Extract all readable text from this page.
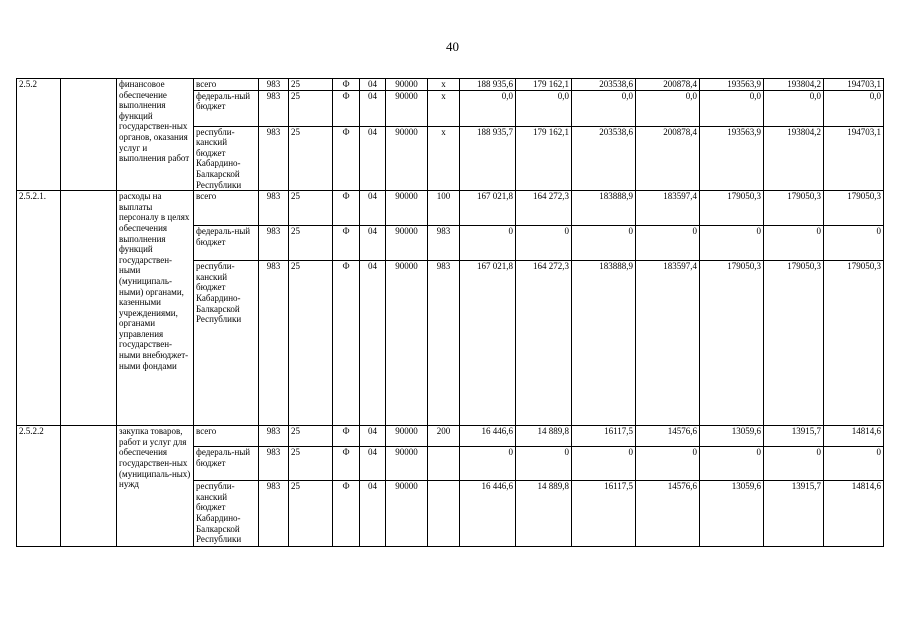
40
2.5.2		финансовое обеспечение выполнения функций государствен-ных органов, оказания услуг и выполнения работ	всего	983	25	Ф	04	90000	х	188 935,6	179 162,1	203538,6	200878,4	193563,9	193804,2	194703,1
			федераль-ный бюджет	983	25	Ф	04	90000	х	0,0	0,0	0,0	0,0	0,0	0,0	0,0
			республи-канский бюджет Кабардино-Балкарской Республики	983	25	Ф	04	90000	х	188 935,7	179 162,1	203538,6	200878,4	193563,9	193804,2	194703,1
2.5.2.1.		расходы на выплаты персоналу в целях обеспечения выполнения функций государствен-ными (муниципаль-ными) органами, казенными учреждениями, органами управления государствен-ными внебюджет-ными фондами	всего	983	25	Ф	04	90000	100	167 021,8	164 272,3	183888,9	183597,4	179050,3	179050,3	179050,3
			федераль-ный бюджет	983	25	Ф	04	90000	983	0	0	0	0	0	0	0
			республи-канский бюджет Кабардино-Балкарской Республики	983	25	Ф	04	90000	983	167 021,8	164 272,3	183888,9	183597,4	179050,3	179050,3	179050,3
2.5.2.2		закупка товаров, работ и услуг для обеспечения государствен-ных (муниципаль-ных) нужд	всего	983	25	Ф	04	90000	200	16 446,6	14 889,8	16117,5	14576,6	13059,6	13915,7	14814,6
			федераль-ный бюджет	983	25	Ф	04	90000		0	0	0	0	0	0	0
			республи-канский бюджет Кабардино-Балкарской Республики	983	25	Ф	04	90000		16 446,6	14 889,8	16117,5	14576,6	13059,6	13915,7	14814,6
